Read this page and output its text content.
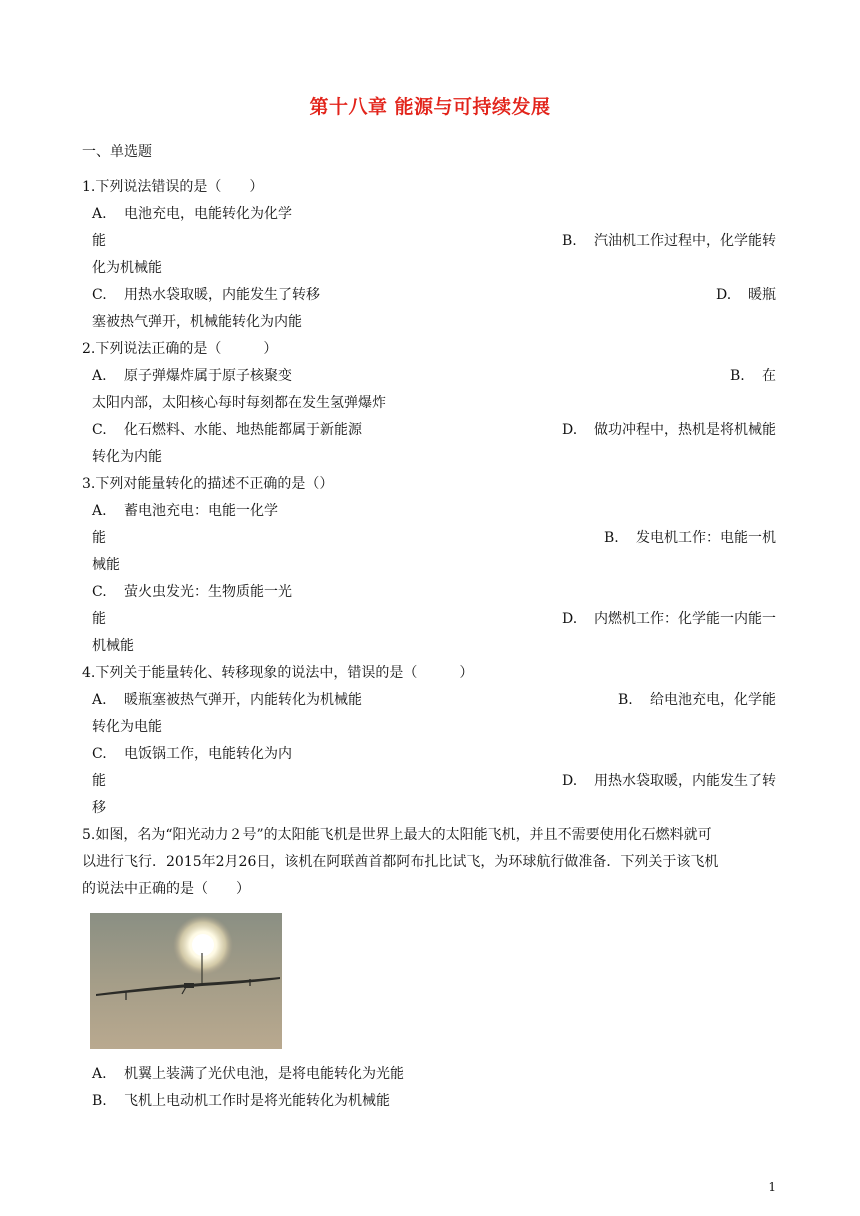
第十八章 能源与可持续发展
一、单选题
1.下列说法错误的是（　　）
A. 电池充电，电能转化为化学
能	B. 汽油机工作过程中，化学能转
化为机械能
C. 用热水袋取暖，内能发生了转移	D. 暖瓶
塞被热气弹开，机械能转化为内能
2.下列说法正确的是（　　　）
A. 原子弹爆炸属于原子核聚变	B. 在
太阳内部，太阳核心每时每刻都在发生氢弹爆炸
C. 化石燃料、水能、地热能都属于新能源	D. 做功冲程中，热机是将机械能
转化为内能
3.下列对能量转化的描述不正确的是（）
A. 蓄电池充电：电能一化学
能	B. 发电机工作：电能一机
械能
C. 萤火虫发光：生物质能一光
能	D. 内燃机工作：化学能一内能一
机械能
4.下列关于能量转化、转移现象的说法中，错误的是（　　　）
A. 暖瓶塞被热气弹开，内能转化为机械能	B. 给电池充电，化学能
转化为电能
C. 电饭锅工作，电能转化为内
能	D. 用热水袋取暖，内能发生了转
移
5.如图，名为“阳光动力２号”的太阳能飞机是世界上最大的太阳能飞机，并且不需要使用化石燃料就可
以进行飞行．2015年2月26日，该机在阿联酋首都阿布扎比试飞，为环球航行做准备．下列关于该飞机
的说法中正确的是（　　）
A. 机翼上装满了光伏电池，是将电能转化为光能
B. 飞机上电动机工作时是将光能转化为机械能
1
